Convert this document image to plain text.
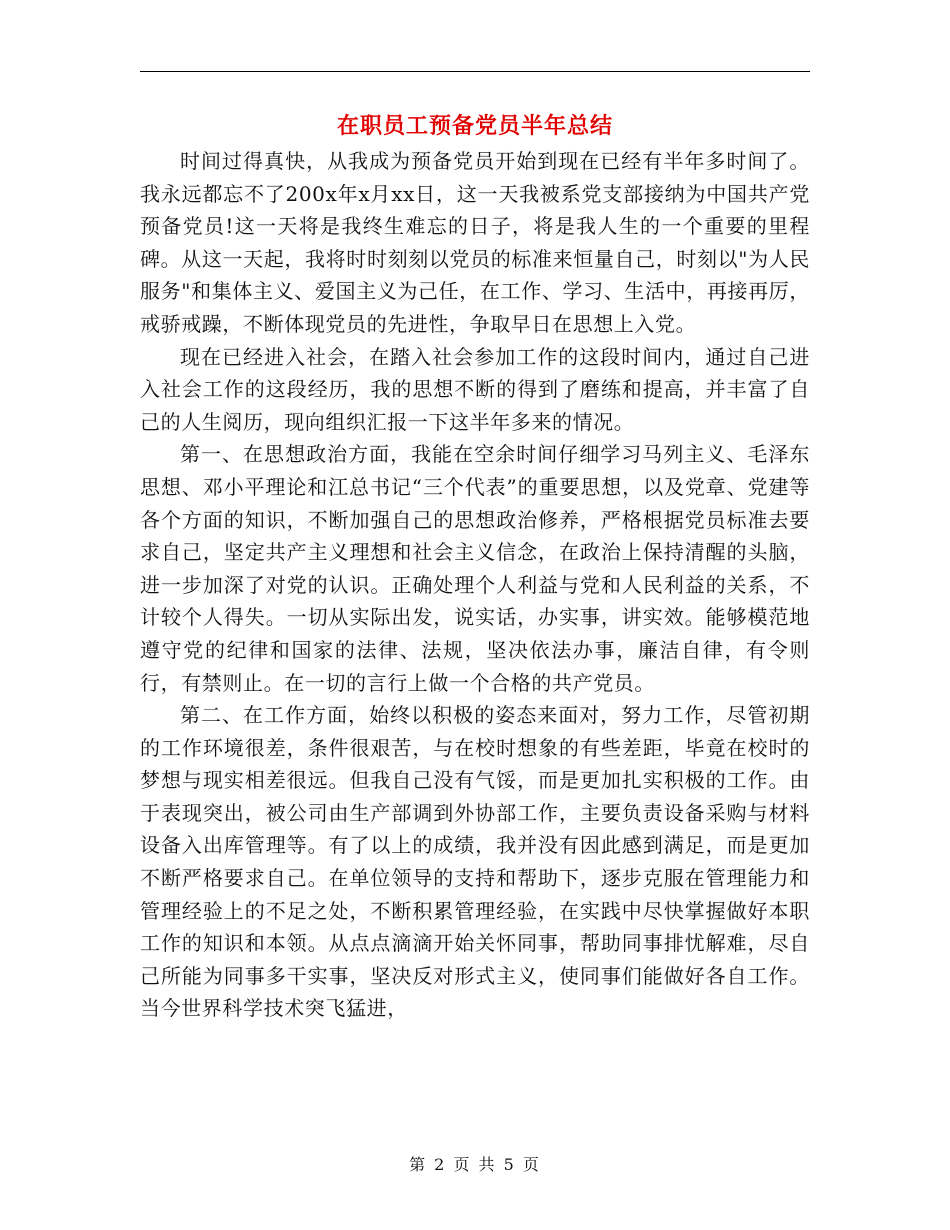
在职员工预备党员半年总结

时间过得真快，从我成为预备党员开始到现在已经有半年多时间了。我永远都忘不了200x年x月xx日，这一天我被系党支部接纳为中国共产党预备党员!这一天将是我终生难忘的日子，将是我人生的一个重要的里程碑。从这一天起，我将时时刻刻以党员的标准来恒量自己，时刻以"为人民服务"和集体主义、爱国主义为己任，在工作、学习、生活中，再接再厉，戒骄戒躁，不断体现党员的先进性，争取早日在思想上入党。

现在已经进入社会，在踏入社会参加工作的这段时间内，通过自己进入社会工作的这段经历，我的思想不断的得到了磨练和提高，并丰富了自己的人生阅历，现向组织汇报一下这半年多来的情况。

第一、在思想政治方面，我能在空余时间仔细学习马列主义、毛泽东思想、邓小平理论和江总书记“三个代表”的重要思想，以及党章、党建等各个方面的知识，不断加强自己的思想政治修养，严格根据党员标准去要求自己，坚定共产主义理想和社会主义信念，在政治上保持清醒的头脑，进一步加深了对党的认识。正确处理个人利益与党和人民利益的关系，不计较个人得失。一切从实际出发，说实话，办实事，讲实效。能够模范地遵守党的纪律和国家的法律、法规，坚决依法办事，廉洁自律，有令则行，有禁则止。在一切的言行上做一个合格的共产党员。

第二、在工作方面，始终以积极的姿态来面对，努力工作，尽管初期的工作环境很差，条件很艰苦，与在校时想象的有些差距，毕竟在校时的梦想与现实相差很远。但我自己没有气馁，而是更加扎实积极的工作。由于表现突出，被公司由生产部调到外协部工作，主要负责设备采购与材料设备入出库管理等。有了以上的成绩，我并没有因此感到满足，而是更加不断严格要求自己。在单位领导的支持和帮助下，逐步克服在管理能力和管理经验上的不足之处，不断积累管理经验，在实践中尽快掌握做好本职工作的知识和本领。从点点滴滴开始关怀同事，帮助同事排忧解难，尽自己所能为同事多干实事，坚决反对形式主义，使同事们能做好各自工作。当今世界科学技术突飞猛进，

第 2 页 共 5 页
